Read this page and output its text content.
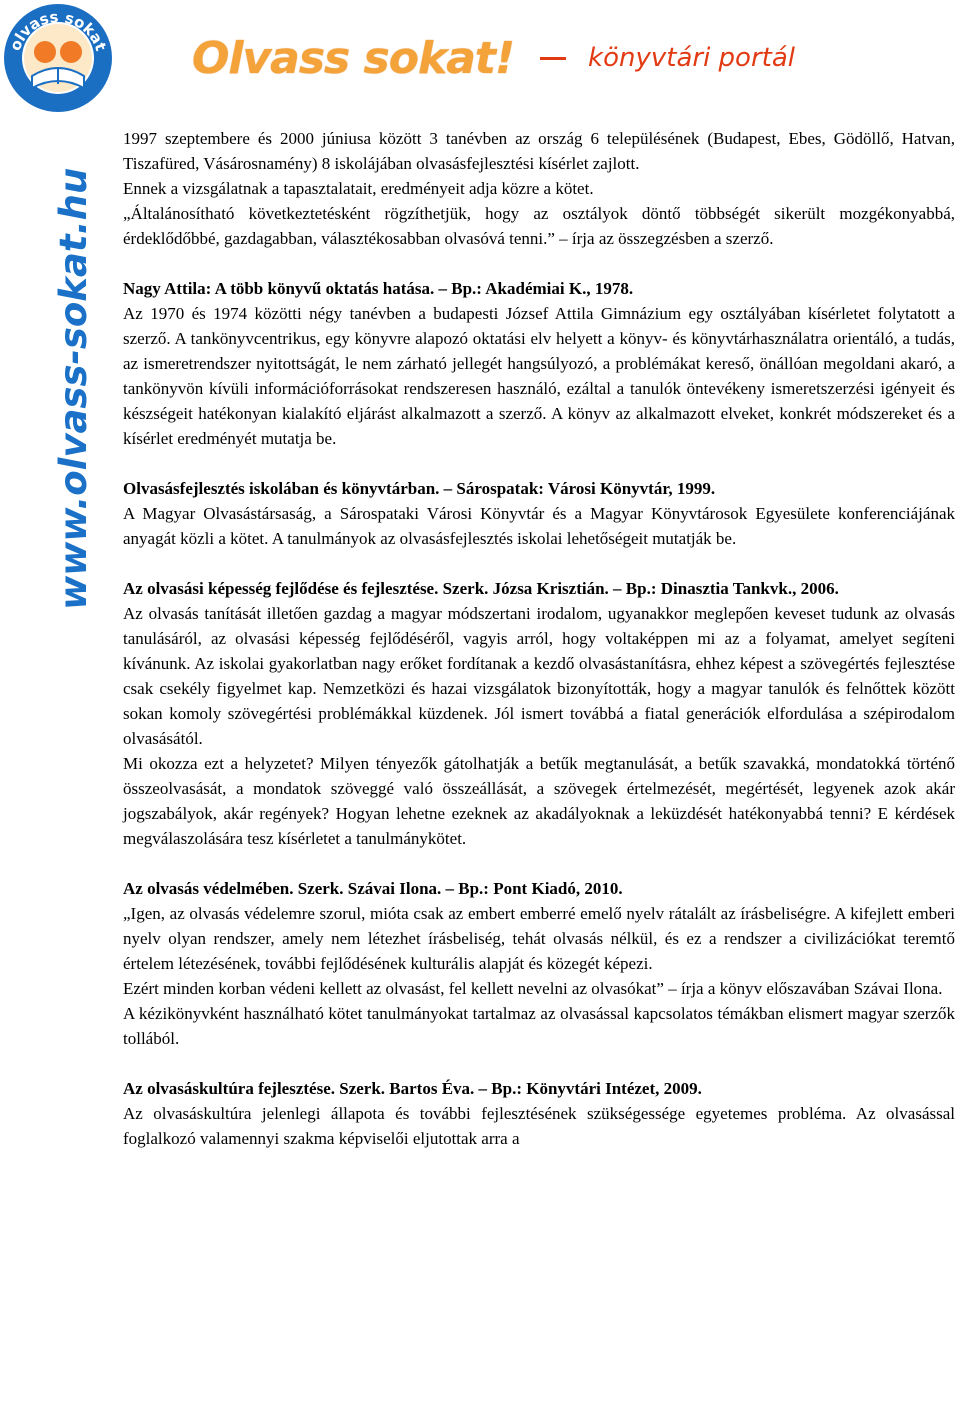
olvass sokat Olvass sokat!	könyvtári portál
www.olvass-sokat.hu

1997 szeptembere és 2000 júniusa között 3 tanévben az ország 6 településének (Budapest, Ebes, Gödöllő, Hatvan, Tiszafüred, Vásárosnamény) 8 iskolájában olvasásfejlesztési kísérlet zajlott.

Ennek a vizsgálatnak a tapasztalatait, eredményeit adja közre a kötet.

„Általánosítható következtetésként rögzíthetjük, hogy az osztályok döntő többségét sikerült mozgékonyabbá, érdeklődőbbé, gazdagabban, választékosabban olvasóvá tenni.” – írja az összegzésben a szerző.

Nagy Attila: A több könyvű oktatás hatása. – Bp.: Akadémiai K., 1978.

Az 1970 és 1974 közötti négy tanévben a budapesti József Attila Gimnázium egy osztályában kísérletet folytatott a szerző. A tankönyvcentrikus, egy könyvre alapozó oktatási elv helyett a könyv- és könyvtárhasználatra orientáló, a tudás, az ismeretrendszer nyitottságát, le nem zárható jellegét hangsúlyozó, a problémákat kereső, önállóan megoldani akaró, a tankönyvön kívüli információforrásokat rendszeresen használó, ezáltal a tanulók öntevékeny ismeretszerzési igényeit és készségeit hatékonyan kialakító eljárást alkalmazott a szerző. A könyv az alkalmazott elveket, konkrét módszereket és a kísérlet eredményét mutatja be.

Olvasásfejlesztés iskolában és könyvtárban. – Sárospatak: Városi Könyvtár, 1999.

A Magyar Olvasástársaság, a Sárospataki Városi Könyvtár és a Magyar Könyvtárosok Egyesülete konferenciájának anyagát közli a kötet. A tanulmányok az olvasásfejlesztés iskolai lehetőségeit mutatják be.

Az olvasási képesség fejlődése és fejlesztése. Szerk. Józsa Krisztián. – Bp.: Dinasztia Tankvk., 2006.

Az olvasás tanítását illetően gazdag a magyar módszertani irodalom, ugyanakkor meglepően keveset tudunk az olvasás tanulásáról, az olvasási képesség fejlődéséről, vagyis arról, hogy voltaképpen mi az a folyamat, amelyet segíteni kívánunk. Az iskolai gyakorlatban nagy erőket fordítanak a kezdő olvasástanításra, ehhez képest a szövegértés fejlesztése csak csekély figyelmet kap. Nemzetközi és hazai vizsgálatok bizonyították, hogy a magyar tanulók és felnőttek között sokan komoly szövegértési problémákkal küzdenek. Jól ismert továbbá a fiatal generációk elfordulása a szépirodalom olvasásától.

Mi okozza ezt a helyzetet? Milyen tényezők gátolhatják a betűk megtanulását, a betűk szavakká, mondatokká történő összeolvasását, a mondatok szöveggé való összeállását, a szövegek értelmezését, megértését, legyenek azok akár jogszabályok, akár regények? Hogyan lehetne ezeknek az akadályoknak a leküzdését hatékonyabbá tenni? E kérdések megválaszolására tesz kísérletet a tanulmánykötet.

Az olvasás védelmében. Szerk. Szávai Ilona. – Bp.: Pont Kiadó, 2010.

„Igen, az olvasás védelemre szorul, mióta csak az embert emberré emelő nyelv rátalált az írásbeliségre. A kifejlett emberi nyelv olyan rendszer, amely nem létezhet írásbeliség, tehát olvasás nélkül, és ez a rendszer a civilizációkat teremtő értelem létezésének, további fejlődésének kulturális alapját és közegét képezi.

Ezért minden korban védeni kellett az olvasást, fel kellett nevelni az olvasókat” – írja a könyv előszavában Szávai Ilona.

A kézikönyvként használható kötet tanulmányokat tartalmaz az olvasással kapcsolatos témákban elismert magyar szerzők tollából.

Az olvasáskultúra fejlesztése. Szerk. Bartos Éva. – Bp.: Könyvtári Intézet, 2009.

Az olvasáskultúra jelenlegi állapota és további fejlesztésének szükségessége egyetemes probléma. Az olvasással foglalkozó valamennyi szakma képviselői eljutottak arra a
